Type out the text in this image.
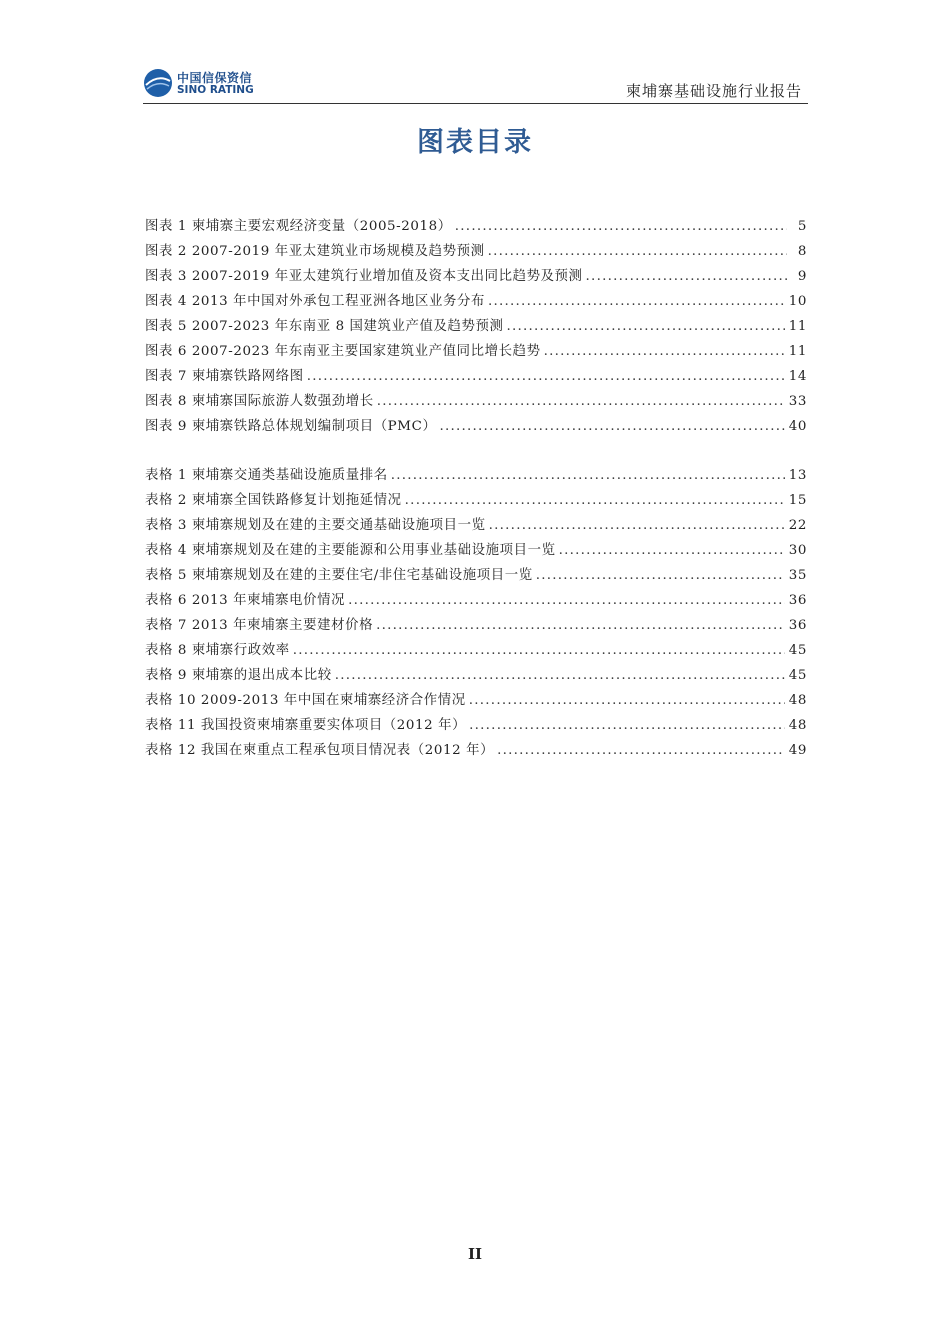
中国信保资信
SINO RATING	柬埔寨基础设施行业报告
图表目录
图表 1 柬埔寨主要宏观经济变量（2005-2018） . . .	5
图表 2 2007-2019 年亚太建筑业市场规模及趋势预测 . . .	8
图表 3 2007-2019 年亚太建筑行业增加值及资本支出同比趋势及预测 . . .	9
图表 4 2013 年中国对外承包工程亚洲各地区业务分布 . . .	10
图表 5 2007-2023 年东南亚 8 国建筑业产值及趋势预测 . . .	11
图表 6 2007-2023 年东南亚主要国家建筑业产值同比增长趋势 . . .	11
图表 7 柬埔寨铁路网络图 . . .	14
图表 8 柬埔寨国际旅游人数强劲增长 . . .	33
图表 9 柬埔寨铁路总体规划编制项目（PMC） . . .	40
表格 1 柬埔寨交通类基础设施质量排名 . . .	13
表格 2 柬埔寨全国铁路修复计划拖延情况 . . .	15
表格 3 柬埔寨规划及在建的主要交通基础设施项目一览 . . .	22
表格 4 柬埔寨规划及在建的主要能源和公用事业基础设施项目一览 . . .	30
表格 5 柬埔寨规划及在建的主要住宅/非住宅基础设施项目一览 . . .	35
表格 6 2013 年柬埔寨电价情况 . . .	36
表格 7 2013 年柬埔寨主要建材价格 . . .	36
表格 8 柬埔寨行政效率 . . .	45
表格 9 柬埔寨的退出成本比较 . . .	45
表格 10 2009-2013 年中国在柬埔寨经济合作情况 . . .	48
表格 11 我国投资柬埔寨重要实体项目（2012 年） . . .	48
表格 12 我国在柬重点工程承包项目情况表（2012 年） . . .	49
II
